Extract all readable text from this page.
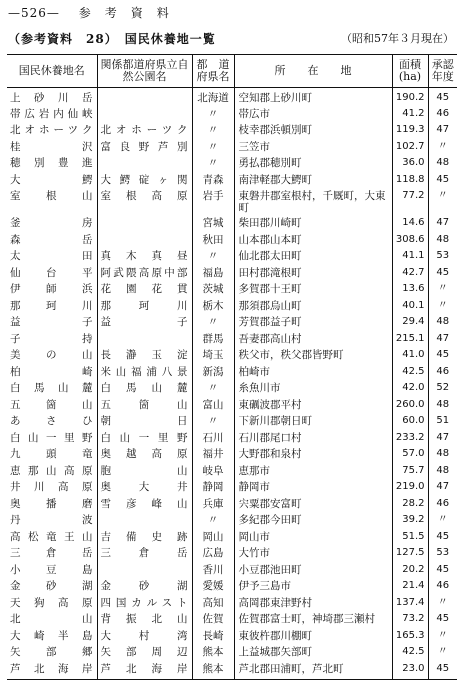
—526— 参　考　資　料
（参考資料　28）　国民休養地一覧	（昭和57年３月現在）
国民休養地名	関係都道府県立自然公園名	都　道府県名	所　　在　　地	面積(ha)	承認年度
上砂川岳		北海道	空知郡上砂川町	190.2	45
帯広岩内仙峡		〃	帯広市	41.2	46
北オホーツク	北オホーツク	〃	枝幸郡浜頓別町	119.3	47
桂沢	富良野芦別	〃	三笠市	102.7	〃
穂別豊進		〃	勇払郡穂別町	36.0	48
大鰐	大鰐碇ヶ関	青森	南津軽郡大鰐町	118.8	45
室根山	室根高原	岩手	東磐井郡室根村，千厩町，大東町	77.2	〃
釜房		宮城	柴田郡川崎町	14.6	47
森岳		秋田	山本郡山本町	308.6	48
太田	真木真昼	〃	仙北郡太田町	41.1	53
仙台平	阿武隈高原中部	福島	田村郡滝根町	42.7	45
伊師浜	花園花貫	茨城	多賀郡十王町	13.6	〃
那珂川	那珂川	栃木	那須郡烏山町	40.1	〃
益子	益子	〃	芳賀郡益子町	29.4	48
子持		群馬	吾妻郡高山村	215.1	47
美の山	長瀞玉淀	埼玉	秩父市，秩父郡皆野町	41.0	45
柏崎	米山福浦八景	新潟	柏崎市	42.5	46
白馬山麓	白馬山麓	〃	糸魚川市	42.0	52
五箇山	五箇山	富山	東礪波郡平村	260.0	48
あさひ	朝日	〃	下新川郡朝日町	60.0	51
白山一里野	白山一里野	石川	石川郡尾口村	233.2	47
九頭竜	奥越高原	福井	大野郡和泉村	57.0	48
恵那山高原	胞山	岐阜	恵那市	75.7	48
井川高原	奥大井	静岡	静岡市	219.0	47
奥播磨	雪彦峰山	兵庫	宍粟郡安富町	28.2	46
丹波		〃	多紀郡今田町	39.2	〃
高松竜王山	吉備史跡	岡山	岡山市	51.5	45
三倉岳	三倉岳	広島	大竹市	127.5	53
小豆島		香川	小豆郡池田町	20.2	45
金砂湖	金砂湖	愛媛	伊予三島市	21.4	46
天狗高原	四国カルスト	高知	高岡郡東津野村	137.4	〃
北山	背振北山	佐賀	佐賀郡富士町，神埼郡三瀬村	73.2	45
大崎半島	大村湾	長崎	東彼杵郡川棚町	165.3	〃
矢部郷	矢部周辺	熊本	上益城郡矢部町	42.5	〃
芦北海岸	芦北海岸	熊本	芦北郡田浦町，芦北町	23.0	45
